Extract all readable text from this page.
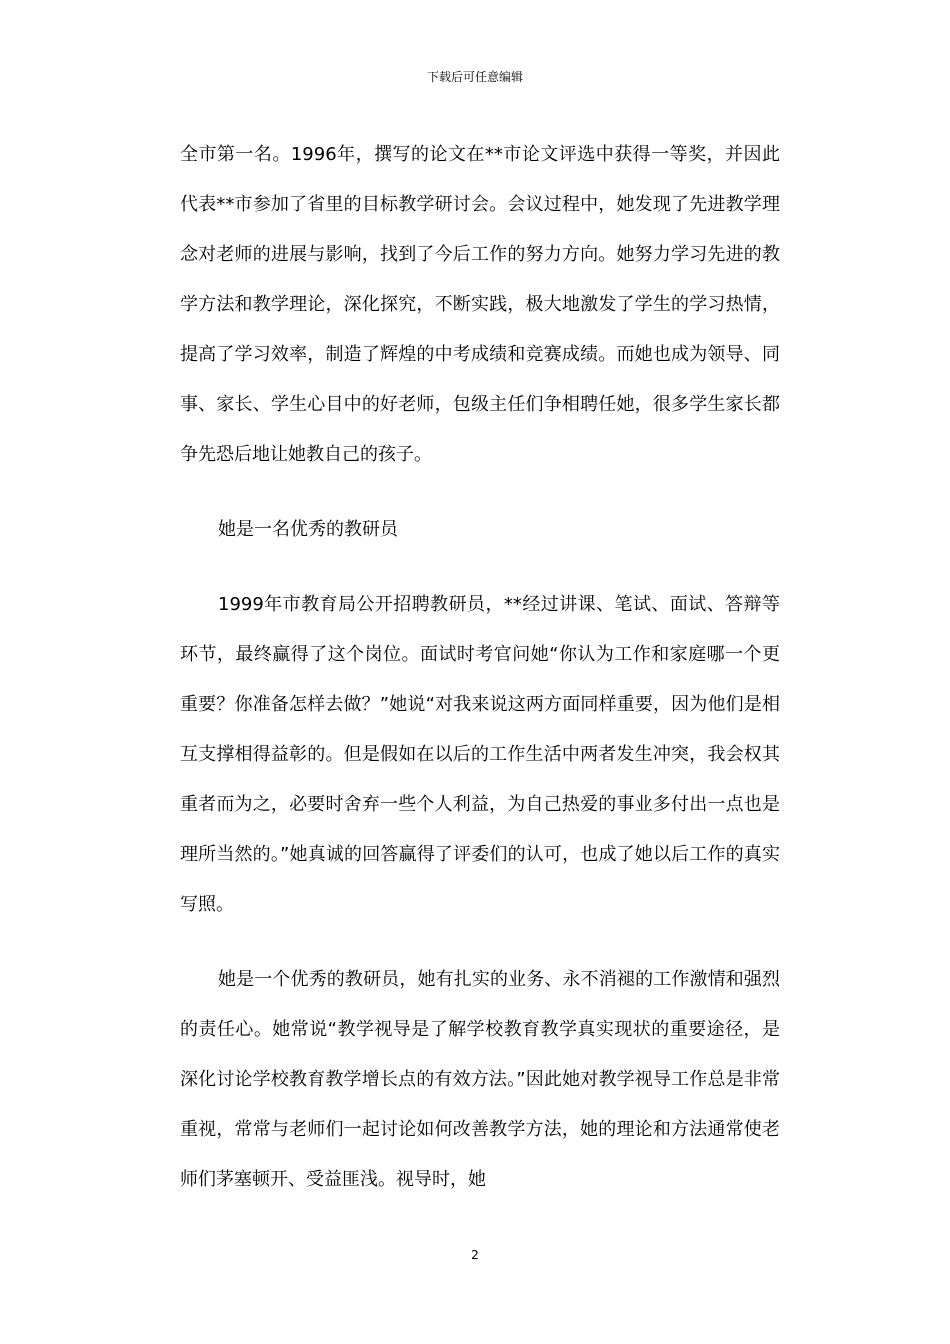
下载后可任意编辑

全市第一名。1996年，撰写的论文在**市论文评选中获得一等奖，并因此代表**市参加了省里的目标教学研讨会。会议过程中，她发现了先进教学理念对老师的进展与影响，找到了今后工作的努力方向。她努力学习先进的教学方法和教学理论，深化探究，不断实践，极大地激发了学生的学习热情，提高了学习效率，制造了辉煌的中考成绩和竞赛成绩。而她也成为领导、同事、家长、学生心目中的好老师，包级主任们争相聘任她，很多学生家长都争先恐后地让她教自己的孩子。

她是一名优秀的教研员

1999年市教育局公开招聘教研员，**经过讲课、笔试、面试、答辩等环节，最终赢得了这个岗位。面试时考官问她“你认为工作和家庭哪一个更重要？你准备怎样去做？”她说“对我来说这两方面同样重要，因为他们是相互支撑相得益彰的。但是假如在以后的工作生活中两者发生冲突，我会权其重者而为之，必要时舍弃一些个人利益，为自己热爱的事业多付出一点也是理所当然的。”她真诚的回答赢得了评委们的认可，也成了她以后工作的真实写照。

她是一个优秀的教研员，她有扎实的业务、永不消褪的工作激情和强烈的责任心。她常说“教学视导是了解学校教育教学真实现状的重要途径，是深化讨论学校教育教学增长点的有效方法。”因此她对教学视导工作总是非常重视，常常与老师们一起讨论如何改善教学方法，她的理论和方法通常使老师们茅塞顿开、受益匪浅。视导时，她

2
